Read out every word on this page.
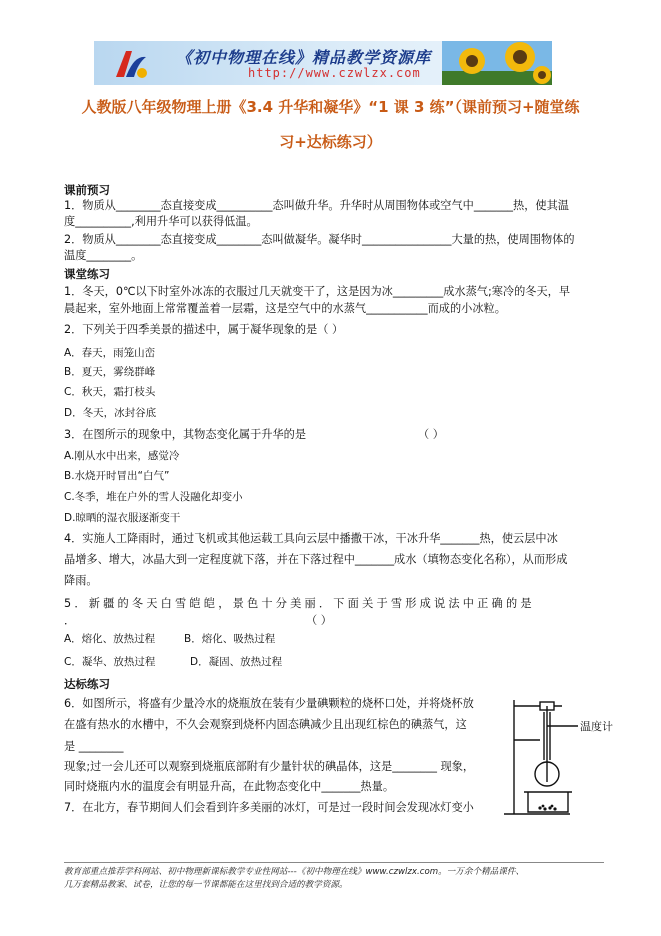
《初中物理在线》精品教学资源库
http://www.czwlzx.com
人教版八年级物理上册《3.4 升华和凝华》“1 课 3 练”（课前预习+随堂练
习+达标练习）
课前预习
1．物质从________态直接变成__________态叫做升华。升华时从周围物体或空气中_______热，使其温
度__________,利用升华可以获得低温。
2．物质从________态直接变成________态叫做凝华。凝华时________________大量的热，使周围物体的
温度________。
课堂练习
1．冬天，0℃以下时室外冰冻的衣服过几天就变干了，这是因为冰_________成水蒸气;寒冷的冬天，早
晨起来，室外地面上常常覆盖着一层霜，这是空气中的水蒸气___________而成的小冰粒。
2．下列关于四季美景的描述中，属于凝华现象的是（ ）
A．春天，雨笼山峦
B．夏天，雾绕群峰
C．秋天，霜打枝头
D．冬天，冰封谷底
3．在图所示的现象中，其物态变化属于升华的是	（ ）
A.刚从水中出来，感觉冷
B.水烧开时冒出“白气”
C.冬季，堆在户外的雪人没融化却变小
D.晾晒的湿衣服逐渐变干
4．实施人工降雨时，通过飞机或其他运载工具向云层中播撒干冰，干冰升华_______热，使云层中冰
晶增多、增大，冰晶大到一定程度就下落，并在下落过程中_______成水（填物态变化名称），从而形成
降雨。
5．新疆的冬天白雪皑皑，景色十分美丽．下面关于雪形成说法中正确的是
．	（ ）
A．熔化、放热过程	B．熔化、吸热过程
C．凝华、放热过程	D．凝固、放热过程
达标练习
6．如图所示，将盛有少量冷水的烧瓶放在装有少量碘颗粒的烧杯口处，并将烧杯放
在盛有热水的水槽中，不久会观察到烧杯内固态碘减少且出现红棕色的碘蒸气，这
是 ________
现象;过一会儿还可以观察到烧瓶底部附有少量针状的碘晶体，这是________ 现象，
同时烧瓶内水的温度会有明显升高，在此物态变化中_______热量。
7．在北方，春节期间人们会看到许多美丽的冰灯，可是过一段时间会发现冰灯变小
温度计
教育部重点推荐学科网站、初中物理新课标教学专业性网站---《初中物理在线》www.czwlzx.com。一万余个精品课件、
几万套精品教案、试卷，让您的每一节课都能在这里找到合适的教学资源。
